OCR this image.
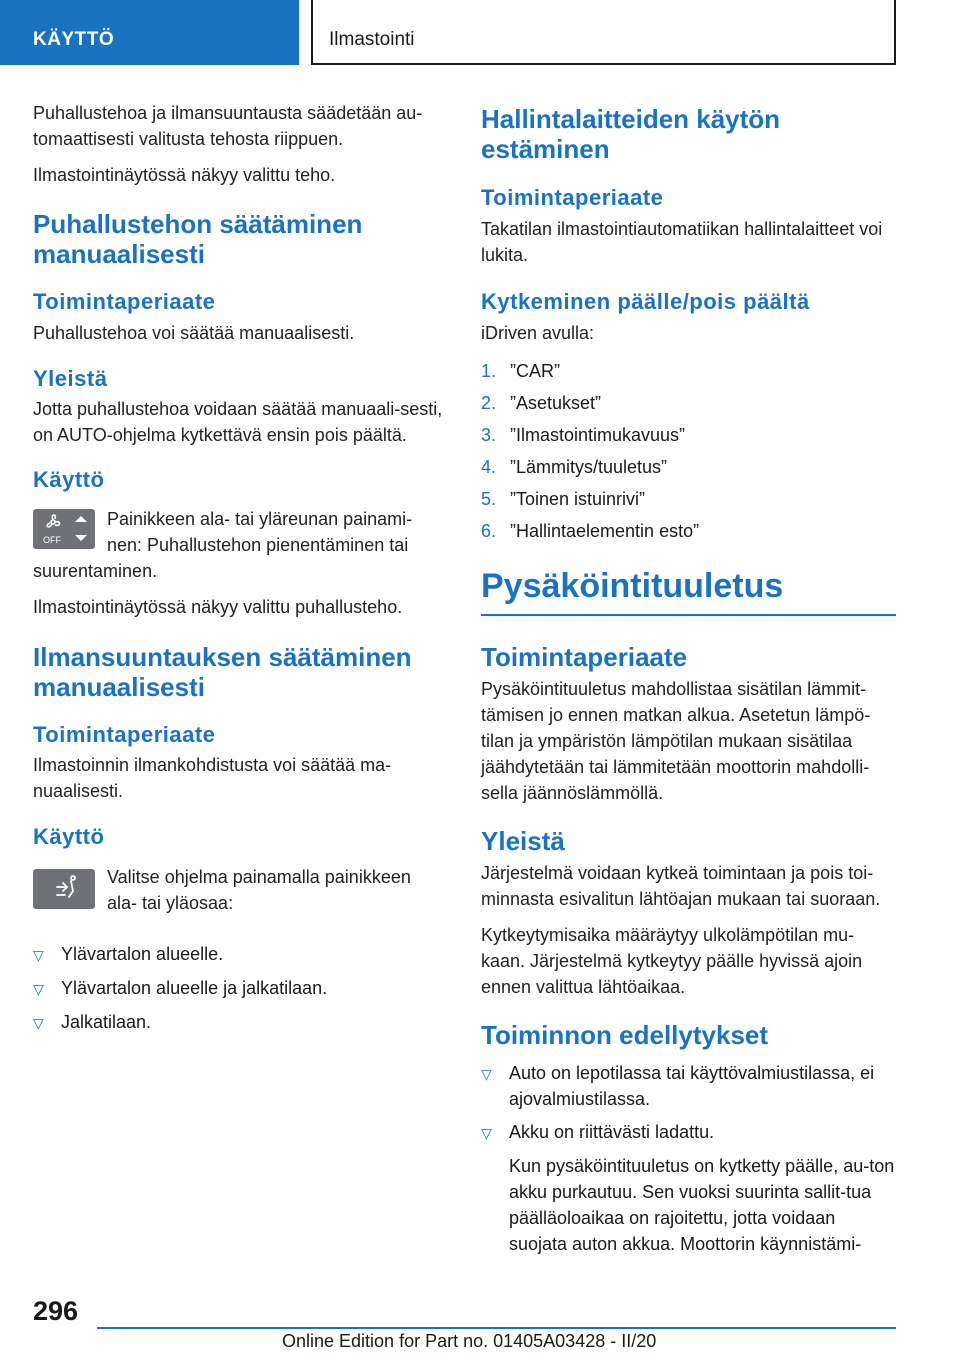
KÄYTTÖ	Ilmastointi

Puhallustehoa ja ilmansuuntausta säädetään au-tomaattisesti valitusta tehosta riippuen.

Ilmastointinäytössä näkyy valittu teho.

Puhallustehon säätäminen manuaalisesti
Toimintaperiaate

Puhallustehoa voi säätää manuaalisesti.

Yleistä

Jotta puhallustehoa voidaan säätää manuaali-sesti, on AUTO-ohjelma kytkettävä ensin pois päältä.

Käyttö
OFF

Painikkeen ala- tai yläreunan painami-nen: Puhallustehon pienentäminen tai suurentaminen.

Ilmastointinäytössä näkyy valittu puhallusteho.

Ilmansuuntauksen säätäminen manuaalisesti
Toimintaperiaate

Ilmastoinnin ilmankohdistusta voi säätää ma-nuaalisesti.

Käyttö

Valitse ohjelma painamalla painikkeen ala- tai yläosaa:

▽ Ylävartalon alueelle.
▽ Ylävartalon alueelle ja jalkatilaan.
▽ Jalkatilaan.
Hallintalaitteiden käytön estäminen
Toimintaperiaate

Takatilan ilmastointiautomatiikan hallintalaitteet voi lukita.

Kytkeminen päälle/pois päältä

iDriven avulla:

1. ”CAR”
2. ”Asetukset”
3. ”Ilmastointimukavuus”
4. ”Lämmitys/tuuletus”
5. ”Toinen istuinrivi”
6. ”Hallintaelementin esto”
Pysäköintituuletus
Toimintaperiaate

Pysäköintituuletus mahdollistaa sisätilan lämmit-tämisen jo ennen matkan alkua. Asetetun lämpö-tilan ja ympäristön lämpötilan mukaan sisätilaa jäähdytetään tai lämmitetään moottorin mahdolli-sella jäännöslämmöllä.

Yleistä

Järjestelmä voidaan kytkeä toimintaan ja pois toi-minnasta esivalitun lähtöajan mukaan tai suoraan.

Kytkeytymisaika määräytyy ulkolämpötilan mu-kaan. Järjestelmä kytkeytyy päälle hyvissä ajoin ennen valittua lähtöaikaa.

Toiminnon edellytykset
▽ Auto on lepotilassa tai käyttövalmiustilassa, ei ajovalmiustilassa.
▽ Akku on riittävästi ladattu.
Kun pysäköintituuletus on kytketty päälle, au-ton akku purkautuu. Sen vuoksi suurinta sallit-tua päälläoloaikaa on rajoitettu, jotta voidaan suojata auton akkua. Moottorin käynnistämi-
296
Online Edition for Part no. 01405A03428 - II/20
